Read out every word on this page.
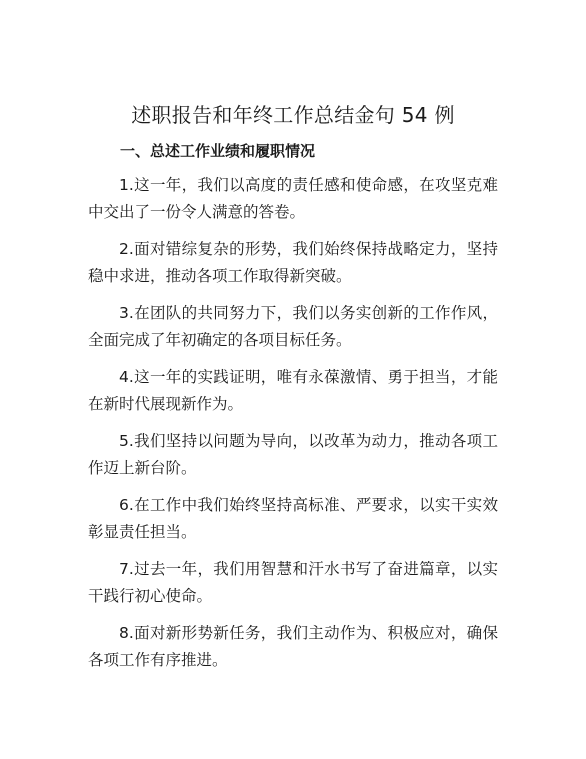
述职报告和年终工作总结金句 54 例
一、总述工作业绩和履职情况

1.这一年，我们以高度的责任感和使命感，在攻坚克难中交出了一份令人满意的答卷。

2.面对错综复杂的形势，我们始终保持战略定力，坚持稳中求进，推动各项工作取得新突破。

3.在团队的共同努力下，我们以务实创新的工作作风，全面完成了年初确定的各项目标任务。

4.这一年的实践证明，唯有永葆激情、勇于担当，才能在新时代展现新作为。

5.我们坚持以问题为导向，以改革为动力，推动各项工作迈上新台阶。

6.在工作中我们始终坚持高标准、严要求，以实干实效彰显责任担当。

7.过去一年，我们用智慧和汗水书写了奋进篇章，以实干践行初心使命。

8.面对新形势新任务，我们主动作为、积极应对，确保各项工作有序推进。
